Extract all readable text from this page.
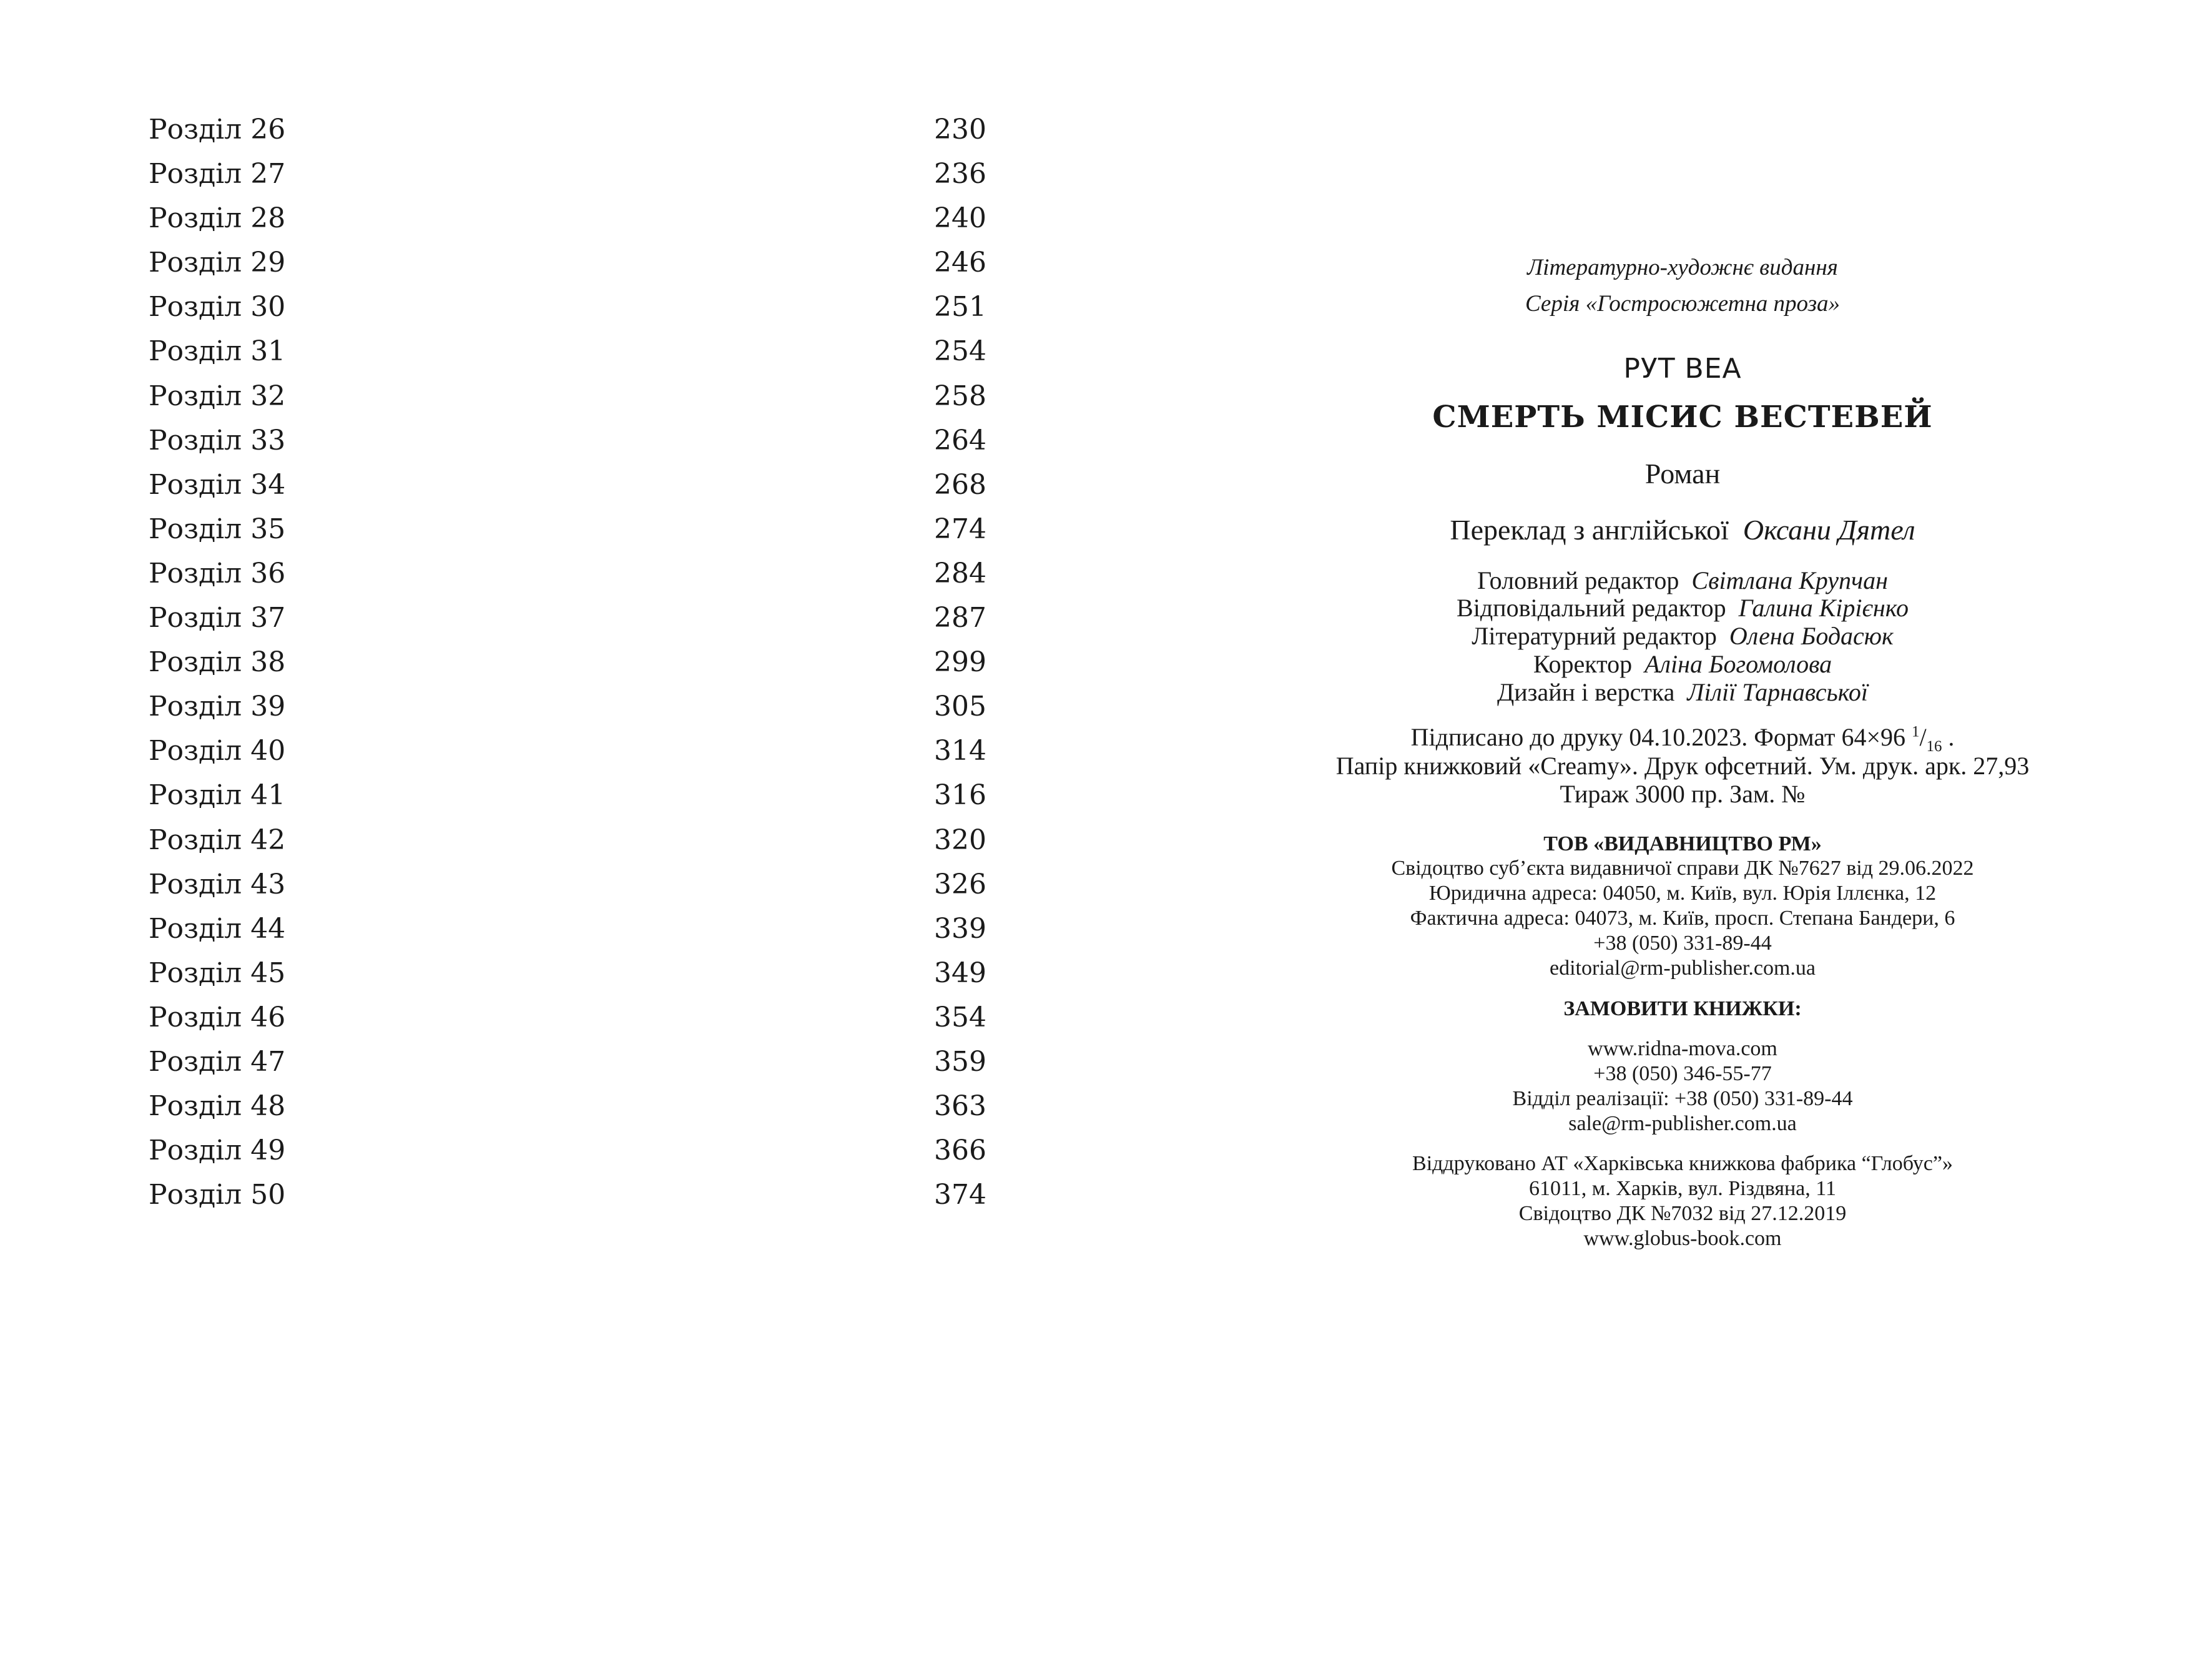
Розділ 26	230
Розділ 27	236
Розділ 28	240
Розділ 29	246
Розділ 30	251
Розділ 31	254
Розділ 32	258
Розділ 33	264
Розділ 34	268
Розділ 35	274
Розділ 36	284
Розділ 37	287
Розділ 38	299
Розділ 39	305
Розділ 40	314
Розділ 41	316
Розділ 42	320
Розділ 43	326
Розділ 44	339
Розділ 45	349
Розділ 46	354
Розділ 47	359
Розділ 48	363
Розділ 49	366
Розділ 50	374
Літературно-художнє видання
Серія «Гостросюжетна проза»
РУТ ВЕА
СМЕРТЬ МІСИС ВЕСТЕВЕЙ
Роман
Переклад з англійської Оксани Дятел
Головний редактор Світлана Крупчан
Відповідальний редактор Галина Кірієнко
Літературний редактор Олена Бодасюк
Коректор Аліна Богомолова
Дизайн і верстка Лілії Тарнавської
Підписано до друку 04.10.2023. Формат 64×96 $^1/_{16}$ .
Папір книжковий «Creamy». Друк офсетний. Ум. друк. арк. 27,93
Тираж 3000 пр. Зам. №
ТОВ «ВИДАВНИЦТВО РМ»
Свідоцтво суб’єкта видавничої справи ДК №7627 від 29.06.2022
Юридична адреса: 04050, м. Київ, вул. Юрія Іллєнка, 12
Фактична адреса: 04073, м. Київ, просп. Степана Бандери, 6
+38 (050) 331-89-44
editorial@rm-publisher.com.ua
ЗАМОВИТИ КНИЖКИ:
www.ridna-mova.com
+38 (050) 346-55-77
Відділ реалізації: +38 (050) 331-89-44
sale@rm-publisher.com.ua
Віддруковано АТ «Харківська книжкова фабрика “Глобус”»
61011, м. Харків, вул. Різдвяна, 11
Свідоцтво ДК №7032 від 27.12.2019
www.globus-book.com
